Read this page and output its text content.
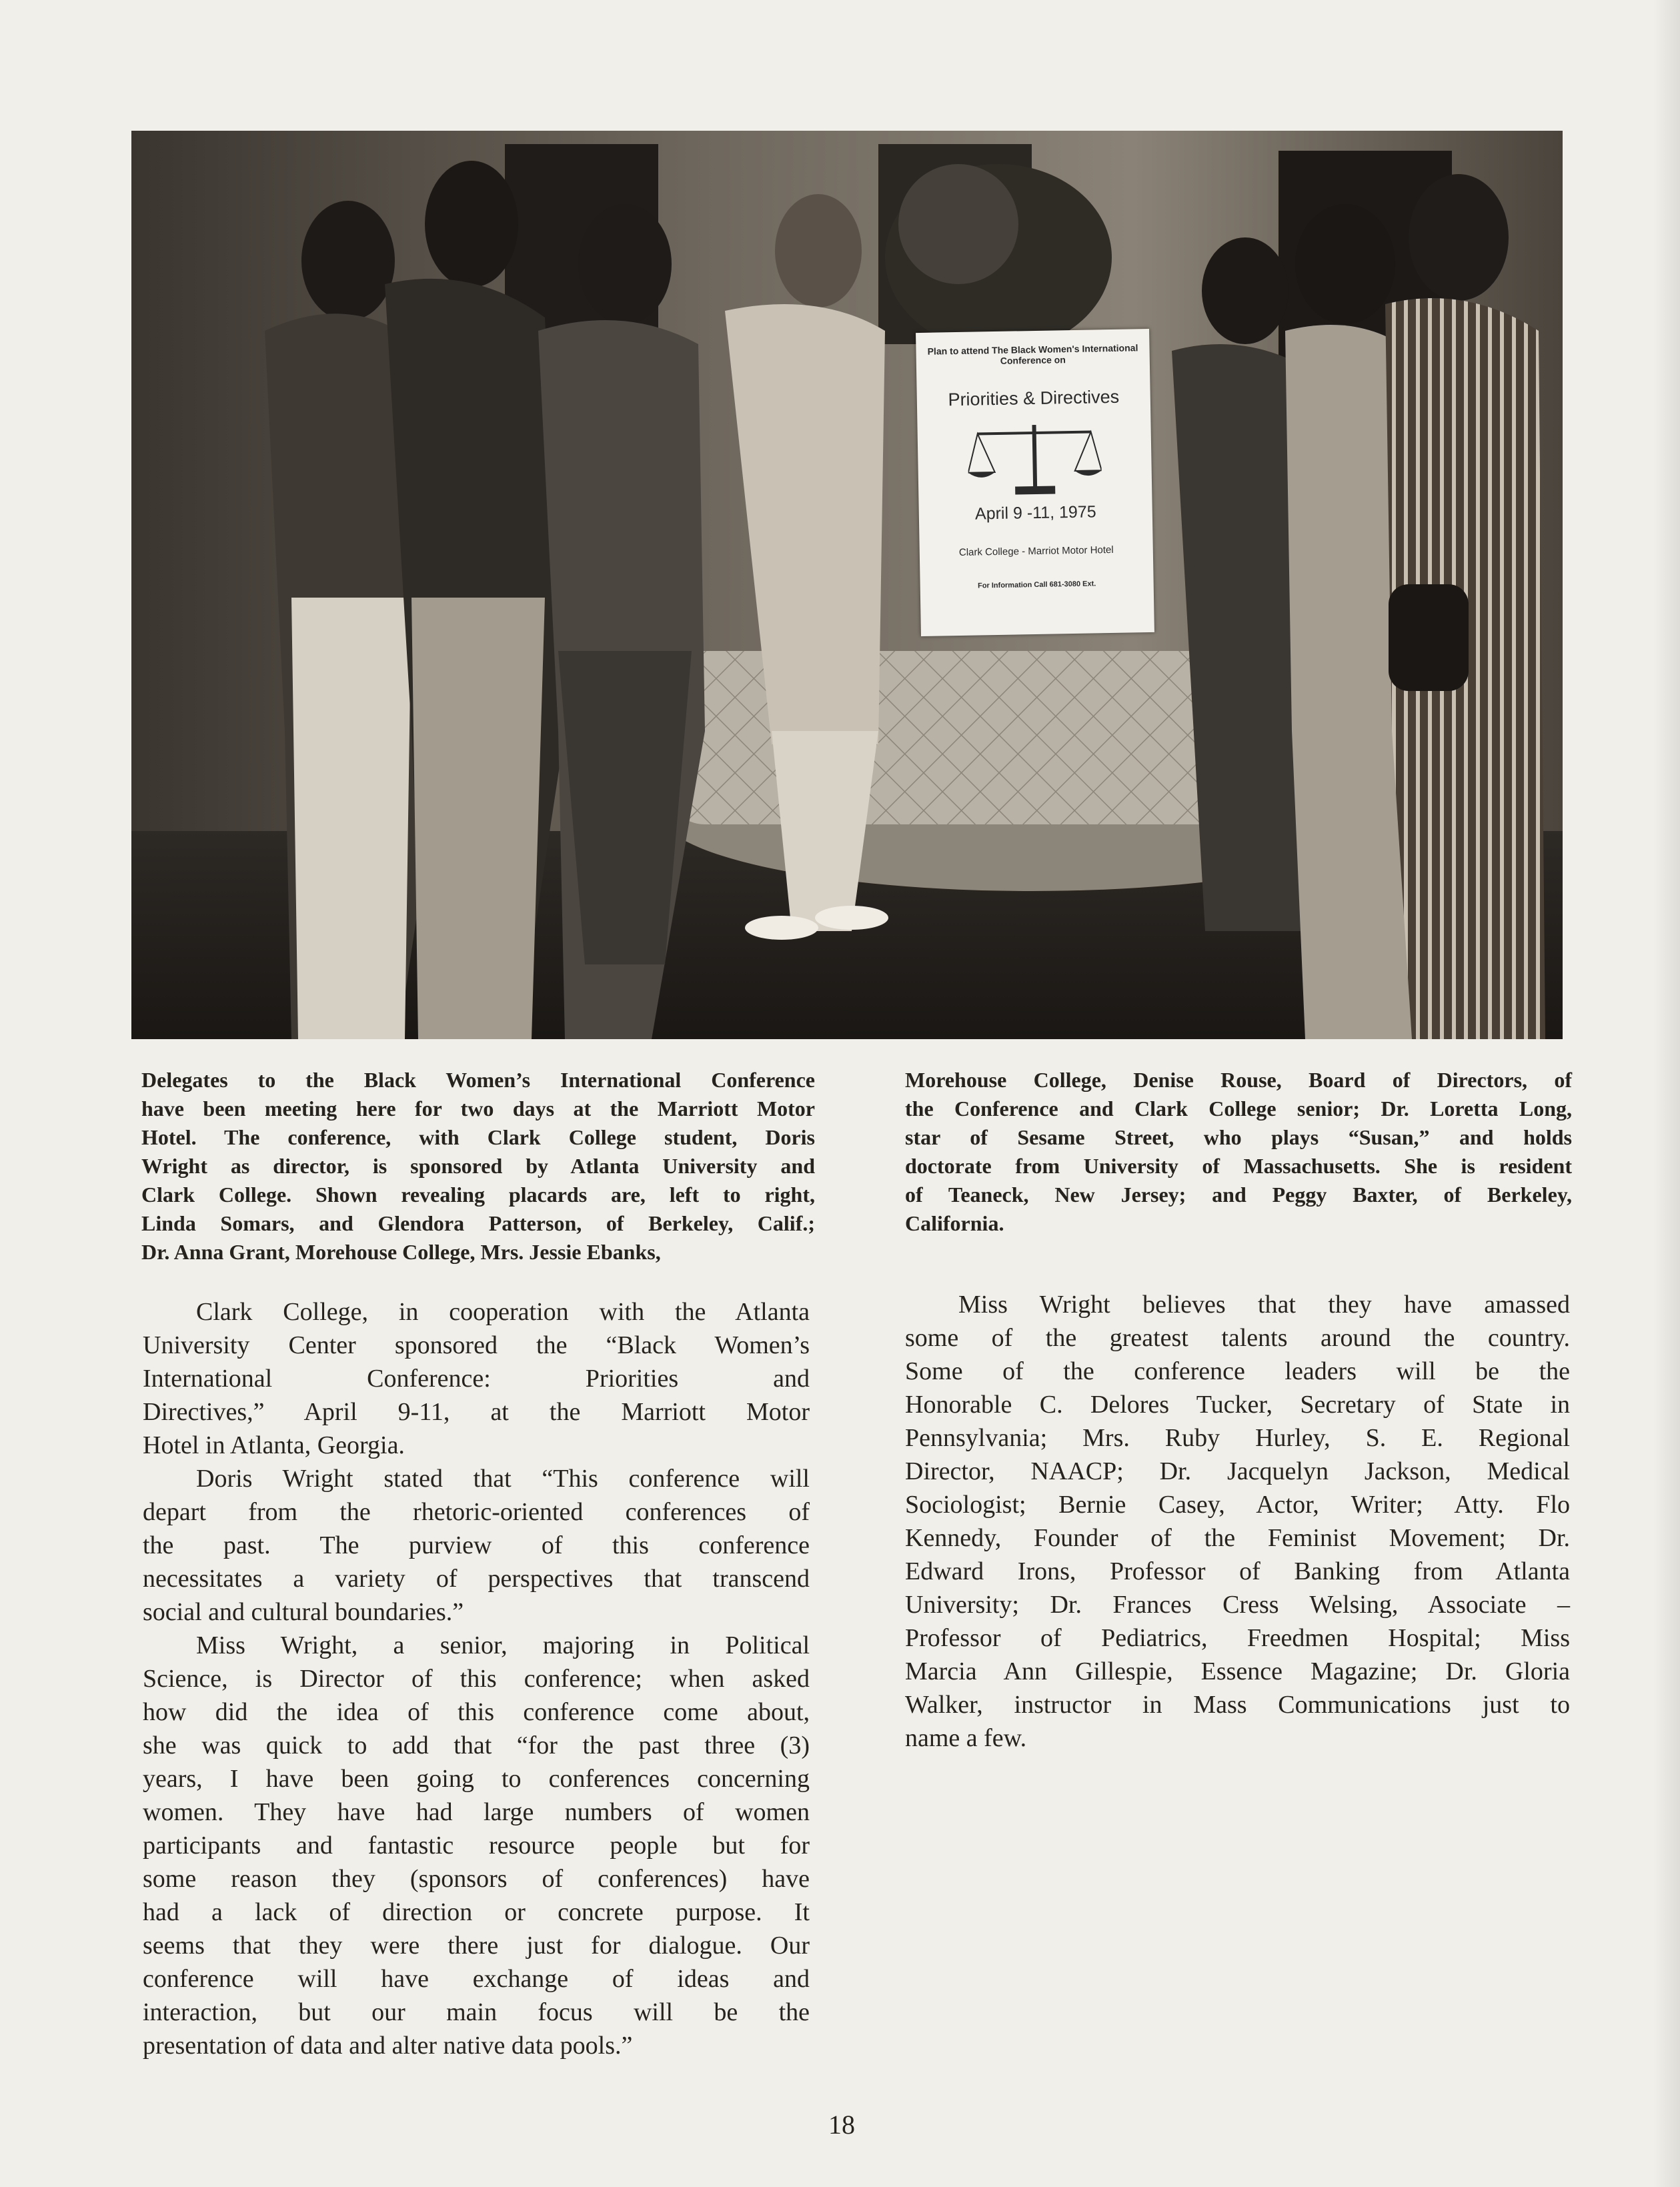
Plan to attend The Black Women's International Conference on
Priorities & Directives
April 9 -11, 1975
Clark College - Marriot Motor Hotel
For Information Call 681-3080 Ext.

Delegates to the Black Women’s International Conference
have been meeting here for two days at the Marriott Motor
Hotel. The conference, with Clark College student, Doris
Wright as director, is sponsored by Atlanta University and
Clark College. Shown revealing placards are, left to right,
Linda Somars, and Glendora Patterson, of Berkeley, Calif.;
Dr. Anna Grant, Morehouse College, Mrs. Jessie Ebanks,

Morehouse College, Denise Rouse, Board of Directors, of
the Conference and Clark College senior; Dr. Loretta Long,
star of Sesame Street, who plays “Susan,” and holds
doctorate from University of Massachusetts. She is resident
of Teaneck, New Jersey; and Peggy Baxter, of Berkeley,
California.

Clark College, in cooperation with the Atlanta
University Center sponsored the “Black Women’s
International Conference: Priorities and
Directives,” April 9-11, at the Marriott Motor
Hotel in Atlanta, Georgia.
Doris Wright stated that “This conference will
depart from the rhetoric-oriented conferences of
the past. The purview of this conference
necessitates a variety of perspectives that transcend
social and cultural boundaries.”
Miss Wright, a senior, majoring in Political
Science, is Director of this conference; when asked
how did the idea of this conference come about,
she was quick to add that “for the past three (3)
years, I have been going to conferences concerning
women. They have had large numbers of women
participants and fantastic resource people but for
some reason they (sponsors of conferences) have
had a lack of direction or concrete purpose. It
seems that they were there just for dialogue. Our
conference will have exchange of ideas and
interaction, but our main focus will be the
presentation of data and alter native data pools.”

Miss Wright believes that they have amassed
some of the greatest talents around the country.
Some of the conference leaders will be the
Honorable C. Delores Tucker, Secretary of State in
Pennsylvania; Mrs. Ruby Hurley, S. E. Regional
Director, NAACP; Dr. Jacquelyn Jackson, Medical
Sociologist; Bernie Casey, Actor, Writer; Atty. Flo
Kennedy, Founder of the Feminist Movement; Dr.
Edward Irons, Professor of Banking from Atlanta
University; Dr. Frances Cress Welsing, Associate –
Professor of Pediatrics, Freedmen Hospital; Miss
Marcia Ann Gillespie, Essence Magazine; Dr. Gloria
Walker, instructor in Mass Communications just to
name a few.

18
